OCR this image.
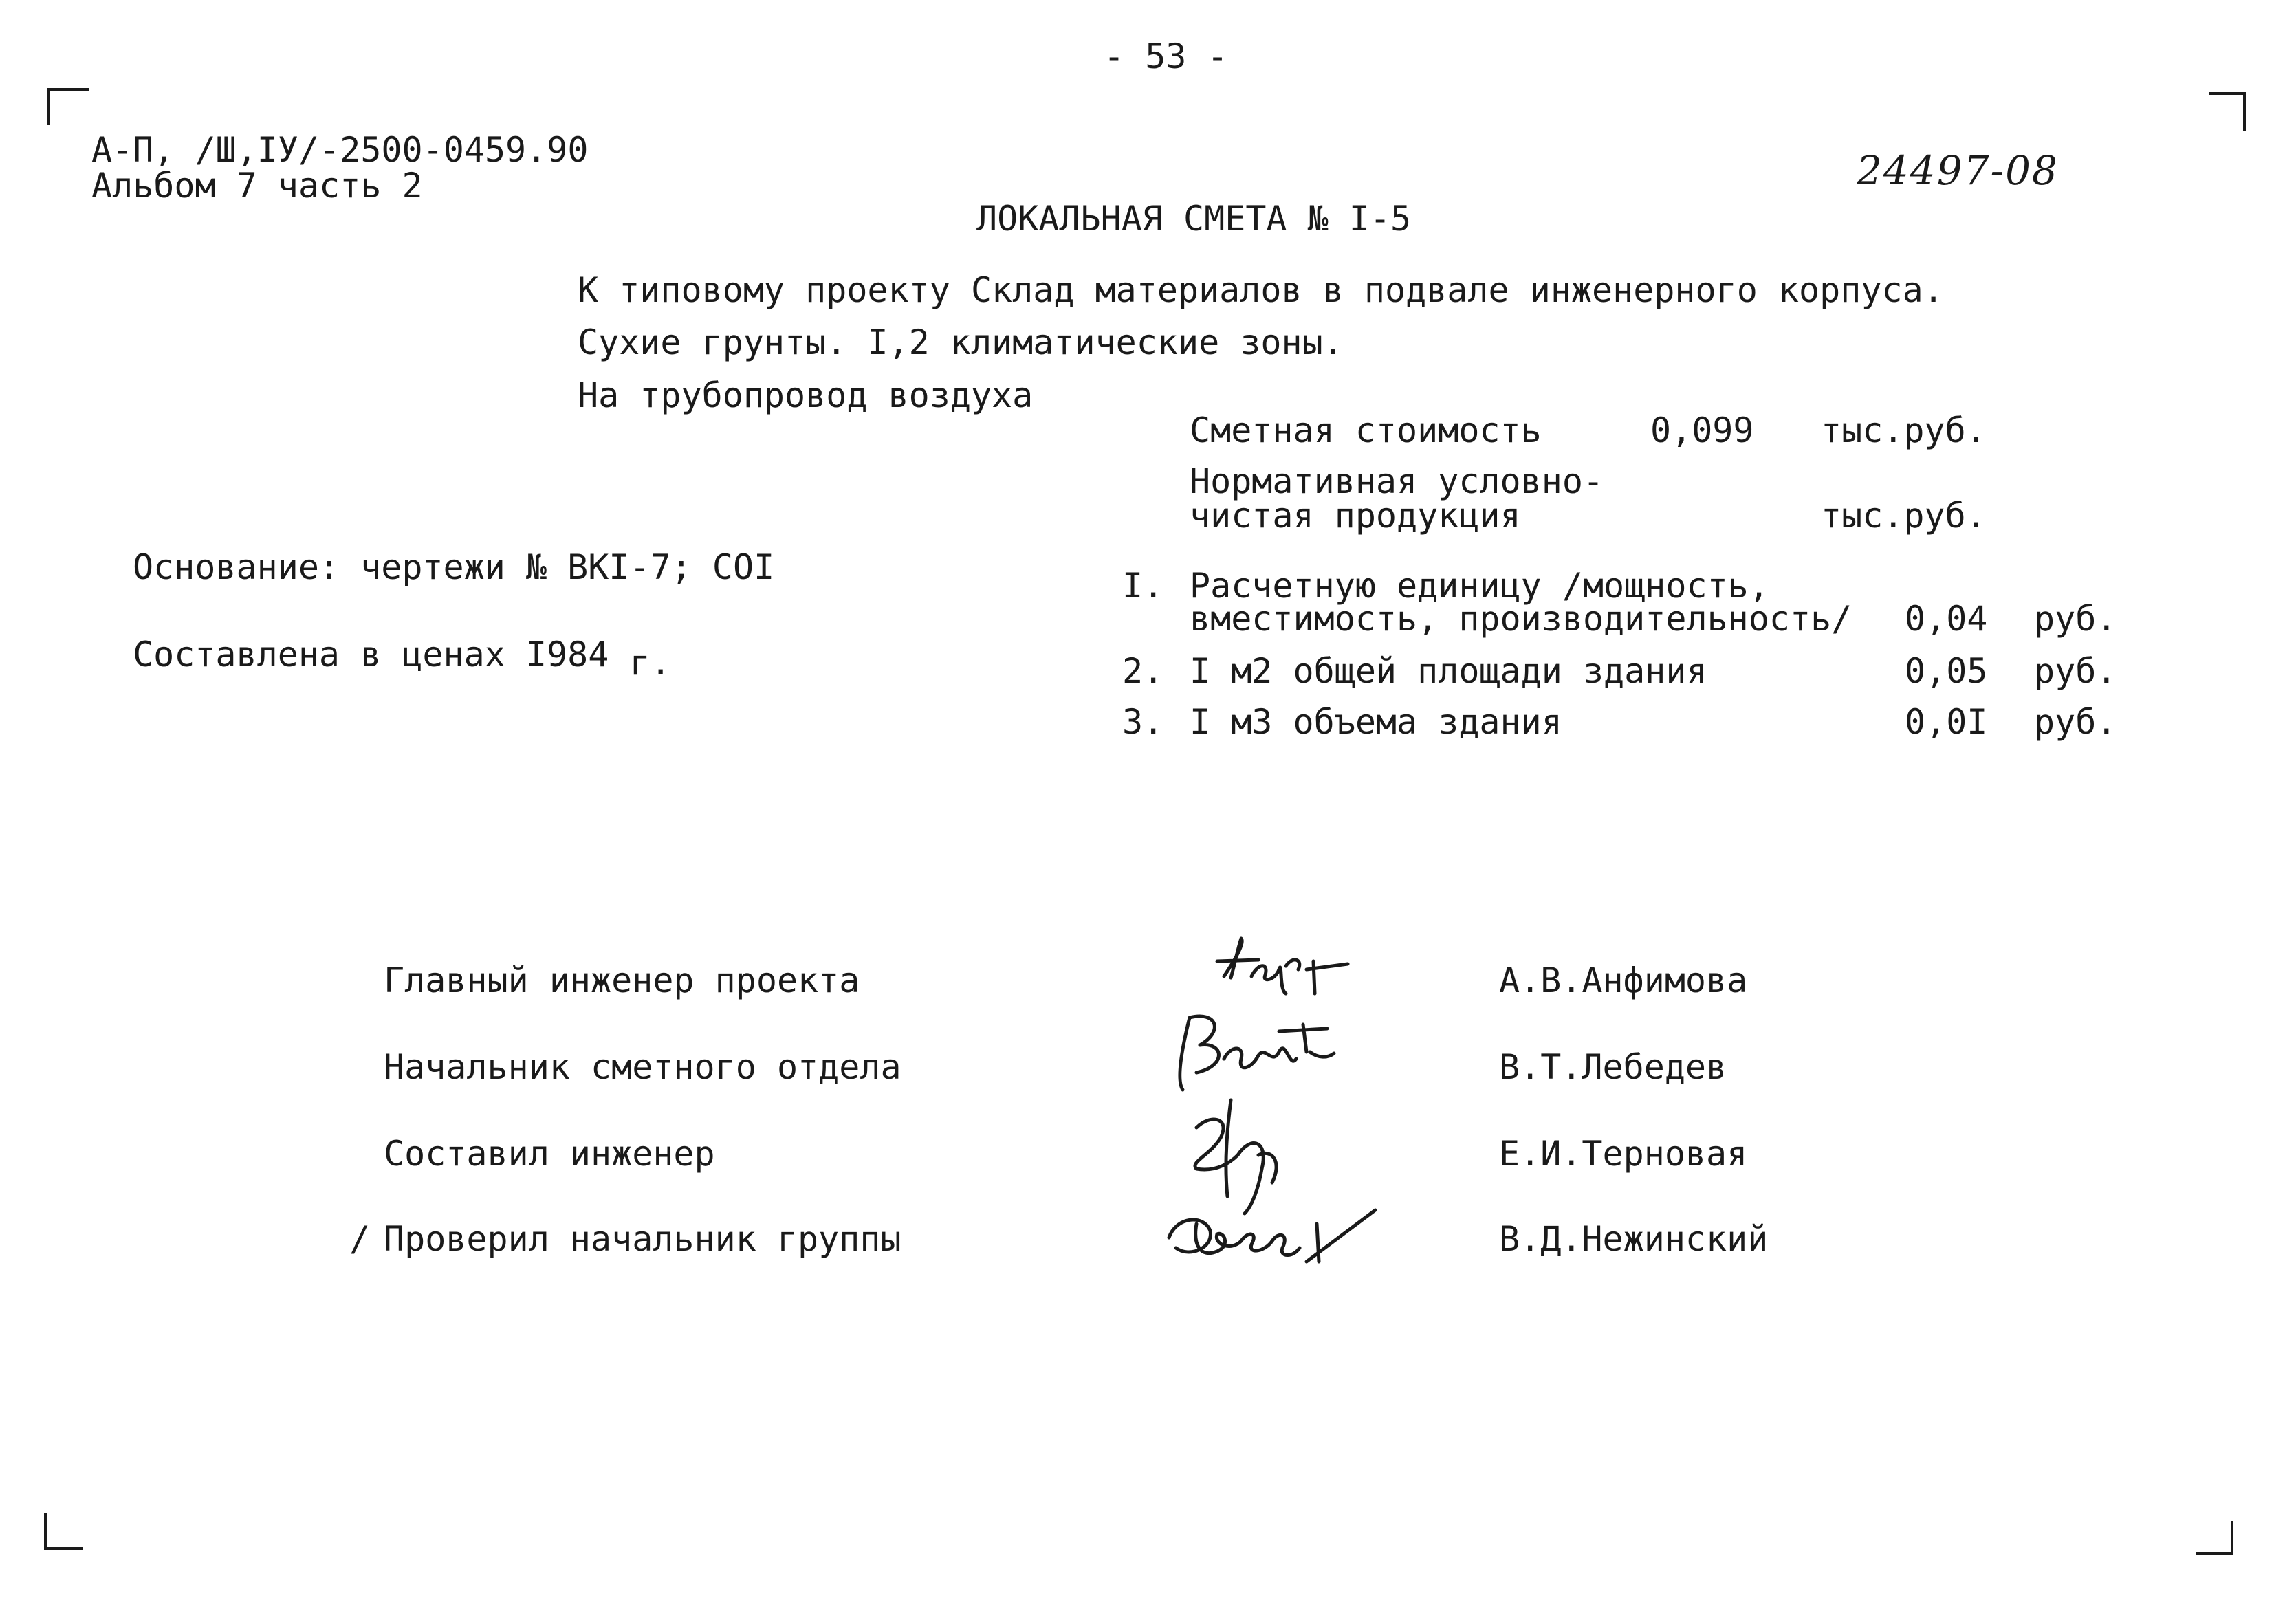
- 53 -
А-П, /Ш,IУ/-2500-0459.90
Альбом 7 часть 2	24497-08
ЛОКАЛЬНАЯ СМЕТА № I-5
К типовому проекту Склад материалов в подвале инженерного корпуса.
Сухие грунты. I,2 климатические зоны.
На трубопровод воздуха
Сметная стоимость	0,099 тыс.руб.
Нормативная условно-
чистая продукция	тыс.руб.
Основание: чертежи № ВКI-7; COI
Составлена в ценах I984 г.
I. Расчетную единицу /мощность,
вместимость, производительность/ 0,04 руб.
2. I м2 общей площади здания	0,05 руб.
3. I м3 объема здания	0,0I руб.
Главный инженер проекта	А.В.Анфимова
Начальник сметного отдела	В.Т.Лебедев
Составил инженер	Е.И.Терновая
/ Проверил начальник группы	В.Д.Нежинский
